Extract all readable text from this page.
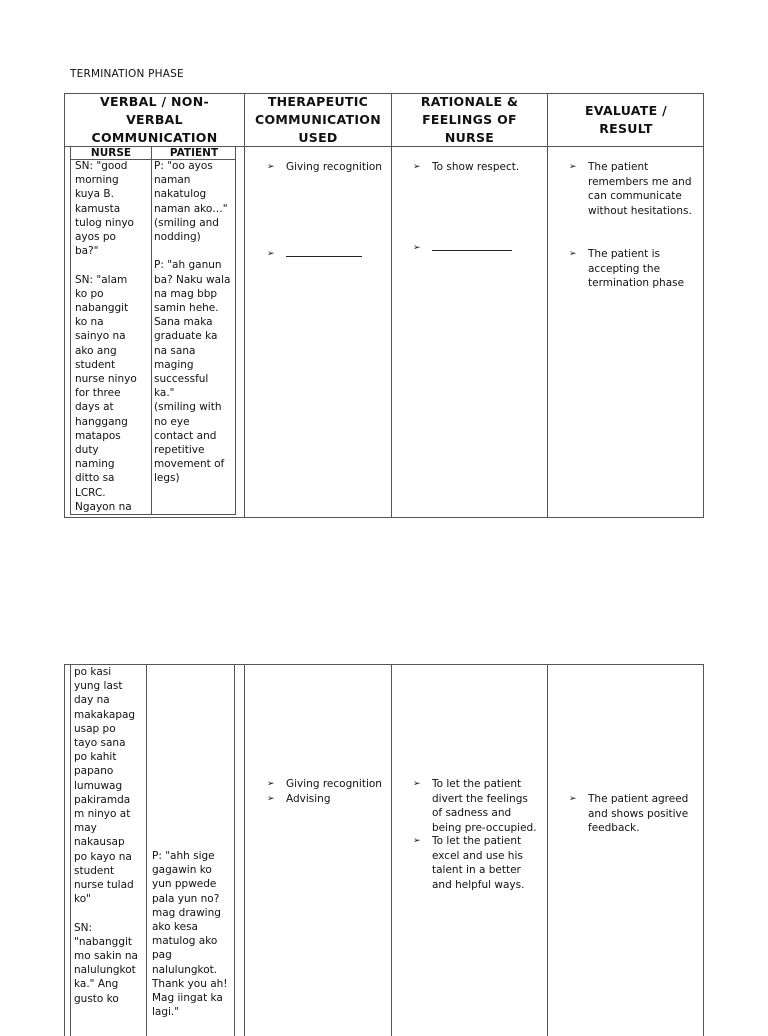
TERMINATION PHASE
NURSE	PATIENT
SN: "good
morning
kuya B.
kamusta
tulog ninyo
ayos po
ba?"

SN: "alam
ko po
nabanggit
ko na
sainyo na
ako ang
student
nurse ninyo
for three
days at
hanggang
matapos
duty
naming
ditto sa
LCRC.
Ngayon na
P: "oo ayos
naman
nakatulog
naman ako…"
(smiling and
nodding)

P: "ah ganun
ba? Naku wala
na mag bbp
samin hehe.
Sana maka
graduate ka
na sana
maging
successful
ka."
(smiling with
no eye
contact and
repetitive
movement of
legs)
VERBAL / NON-
VERBAL
COMMUNICATION
THERAPEUTIC
COMMUNICATION
USED
RATIONALE &
FEELINGS OF
NURSE
EVALUATE /
RESULT
➢ Giving recognition
➢
➢ To show respect.
➢
➢ The patient
remembers me and
can communicate
without hesitations.
➢ The patient is
accepting the
termination phase
po kasi
yung last
day na
makakapag
usap po
tayo sana
po kahit
papano
lumuwag
pakiramda
m ninyo at
may
nakausap
po kayo na
student
nurse tulad
ko"

SN:
"nabanggit
mo sakin na
nalulungkot
ka." Ang
gusto ko
P: "ahh sige
gagawin ko
yun ppwede
pala yun no?
mag drawing
ako kesa
matulog ako
pag
nalulungkot.
Thank you ah!
Mag iingat ka
lagi."
➢ Giving recognition
➢ Advising
➢ To let the patient
divert the feelings
of sadness and
being pre-occupied.
➢ To let the patient
excel and use his
talent in a better
and helpful ways.
➢ The patient agreed
and shows positive
feedback.
